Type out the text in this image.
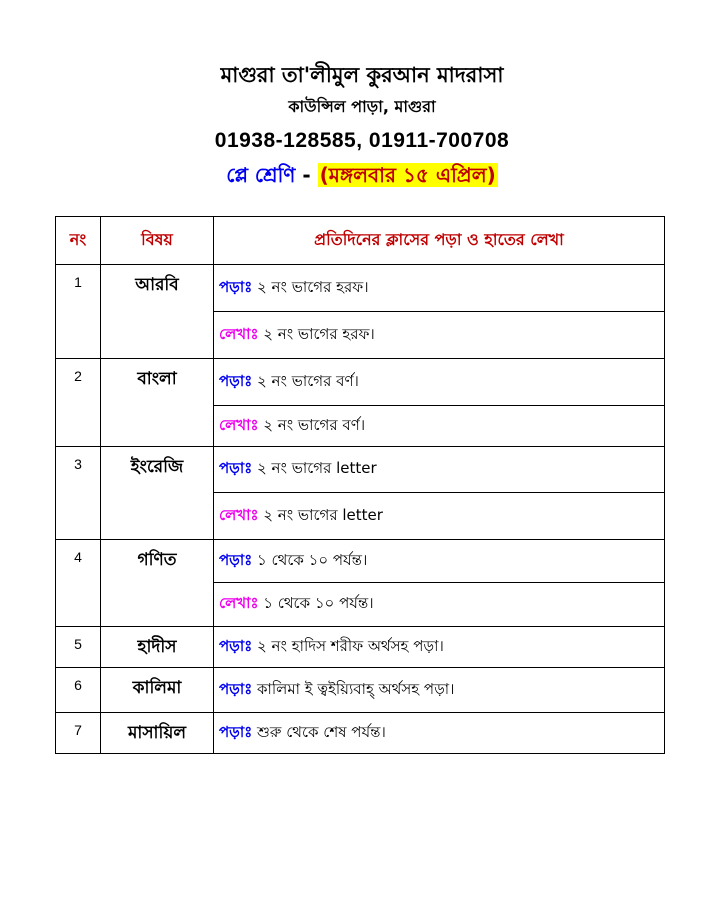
মাগুরা তা'লীমুল কুরআন মাদরাসা
কাউন্সিল পাড়া, মাগুরা
01938-128585, 01911-700708
প্লে শ্রেণি - (মঙ্গলবার ১৫ এপ্রিল)
নং	বিষয়	প্রতিদিনের ক্লাসের পড়া ও হাতের লেখা
1	আরবি	পড়াঃ ২ নং ভাগের হরফ।
		লেখাঃ ২ নং ভাগের হরফ।
2	বাংলা	পড়াঃ ২ নং ভাগের বর্ণ।
		লেখাঃ ২ নং ভাগের বর্ণ।
3	ইংরেজি	পড়াঃ ২ নং ভাগের letter
		লেখাঃ ২ নং ভাগের letter
4	গণিত	পড়াঃ ১ থেকে ১০ পর্যন্ত।
		লেখাঃ ১ থেকে ১০ পর্যন্ত।
5	হাদীস	পড়াঃ ২ নং হাদিস শরীফ অর্থসহ পড়া।
6	কালিমা	পড়াঃ কালিমা ই ত্বইয়্যিবাহ্ অর্থসহ পড়া।
7	মাসায়িল	পড়াঃ শুরু থেকে শেষ পর্যন্ত।
